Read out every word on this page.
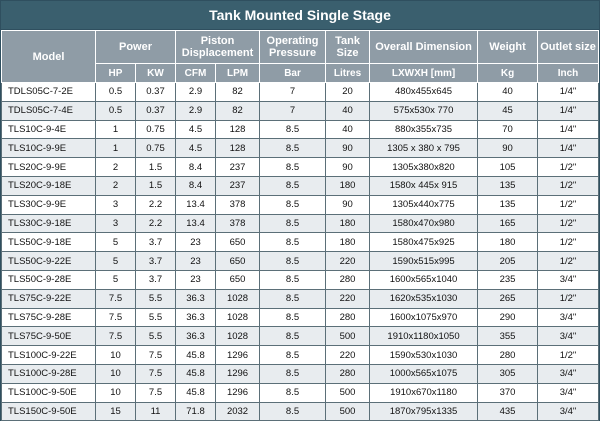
Tank Mounted Single Stage
Model	Power		Piston Displacement		Operating Pressure	Tank Size	Overall Dimension	Weight	Outlet size
	HP	KW	CFM	LPM	Bar	Litres	LXWXH [mm]	Kg	Inch
TDLS05C-7-2E	0.5	0.37	2.9	82	7	20	480x455x645	40	1/4"
TDLS05C-7-4E	0.5	0.37	2.9	82	7	40	575x530x 770	45	1/4"
TLS10C-9-4E	1	0.75	4.5	128	8.5	40	880x355x735	70	1/4"
TLS10C-9-9E	1	0.75	4.5	128	8.5	90	1305 x 380 x 795	90	1/4"
TLS20C-9-9E	2	1.5	8.4	237	8.5	90	1305x380x820	105	1/2"
TLS20C-9-18E	2	1.5	8.4	237	8.5	180	1580x 445x 915	135	1/2"
TLS30C-9-9E	3	2.2	13.4	378	8.5	90	1305x440x775	135	1/2"
TLS30C-9-18E	3	2.2	13.4	378	8.5	180	1580x470x980	165	1/2"
TLS50C-9-18E	5	3.7	23	650	8.5	180	1580x475x925	180	1/2"
TLS50C-9-22E	5	3.7	23	650	8.5	220	1590x515x995	205	1/2"
TLS50C-9-28E	5	3.7	23	650	8.5	280	1600x565x1040	235	3/4"
TLS75C-9-22E	7.5	5.5	36.3	1028	8.5	220	1620x535x1030	265	1/2"
TLS75C-9-28E	7.5	5.5	36.3	1028	8.5	280	1600x1075x970	290	3/4"
TLS75C-9-50E	7.5	5.5	36.3	1028	8.5	500	1910x1180x1050	355	3/4"
TLS100C-9-22E	10	7.5	45.8	1296	8.5	220	1590x530x1030	280	1/2"
TLS100C-9-28E	10	7.5	45.8	1296	8.5	280	1000x565x1075	305	3/4"
TLS100C-9-50E	10	7.5	45.8	1296	8.5	500	1910x670x1180	370	3/4"
TLS150C-9-50E	15	11	71.8	2032	8.5	500	1870x795x1335	435	3/4"
